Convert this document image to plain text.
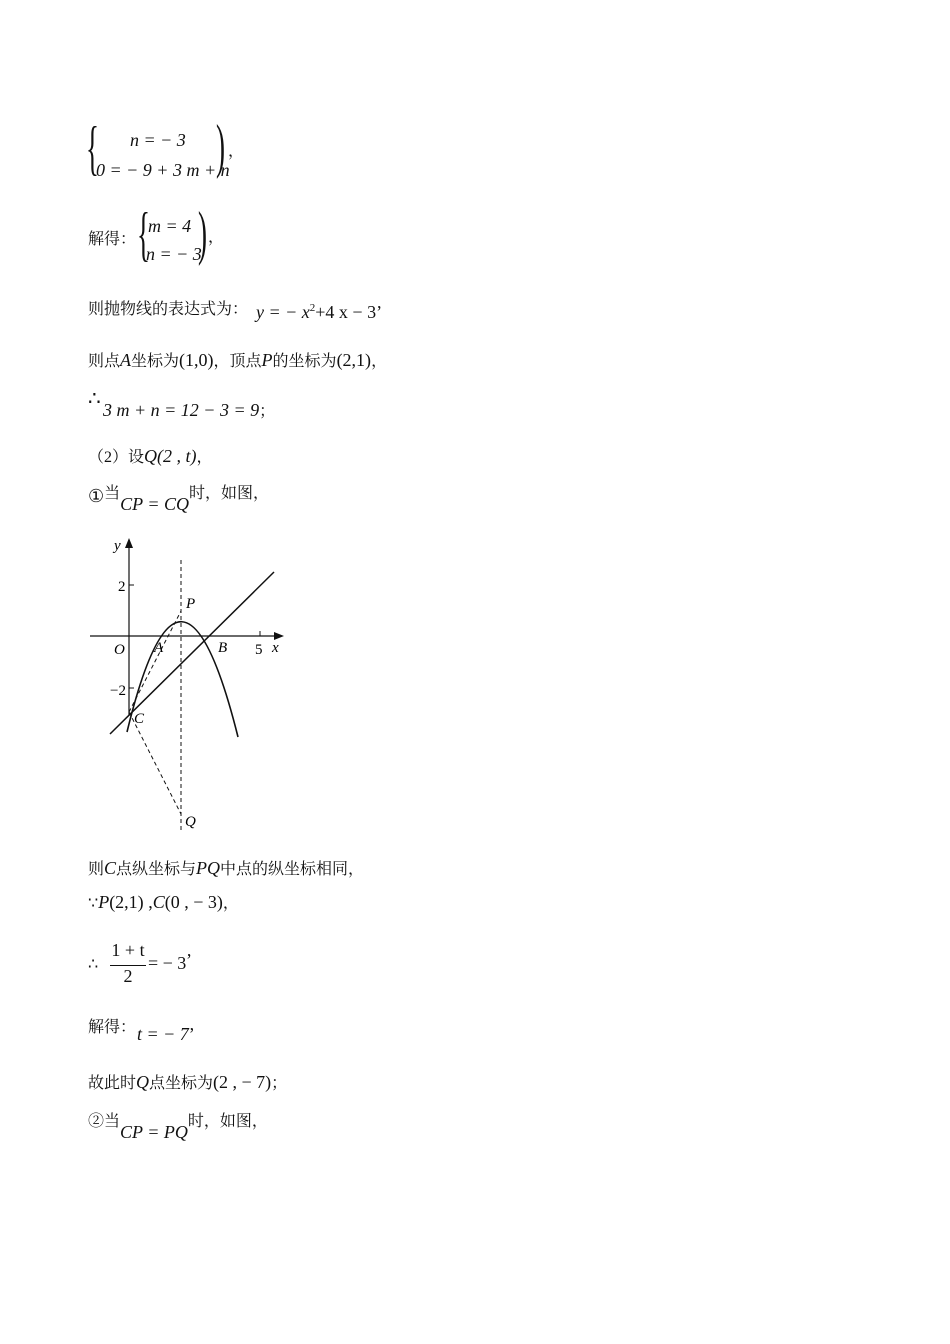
{ n = − 3
0 = − 9 + 3 m + n
) ，
解得： {
m = 4
n = − 3
) ，
则抛物线的表达式为： y = − $x^2+4$ x − 3’
则点A坐标为(1,0)，顶点P的坐标为(2,1)，
∴ 3 m + n = 12 − 3 = 9；
（2）设Q(2 , t)，
①当CP = CQ时，如图，
y
x
2
−2
5
O
P
A	B
C
Q
则C点纵坐标与PQ中点的纵坐标相同，
∵P(2,1) ,C(0 , − 3)，
∴
1 + t
2
= − 3 ’
解得： t = − 7’
故此时Q点坐标为(2 , − 7)；
②当CP = PQ时，如图，
